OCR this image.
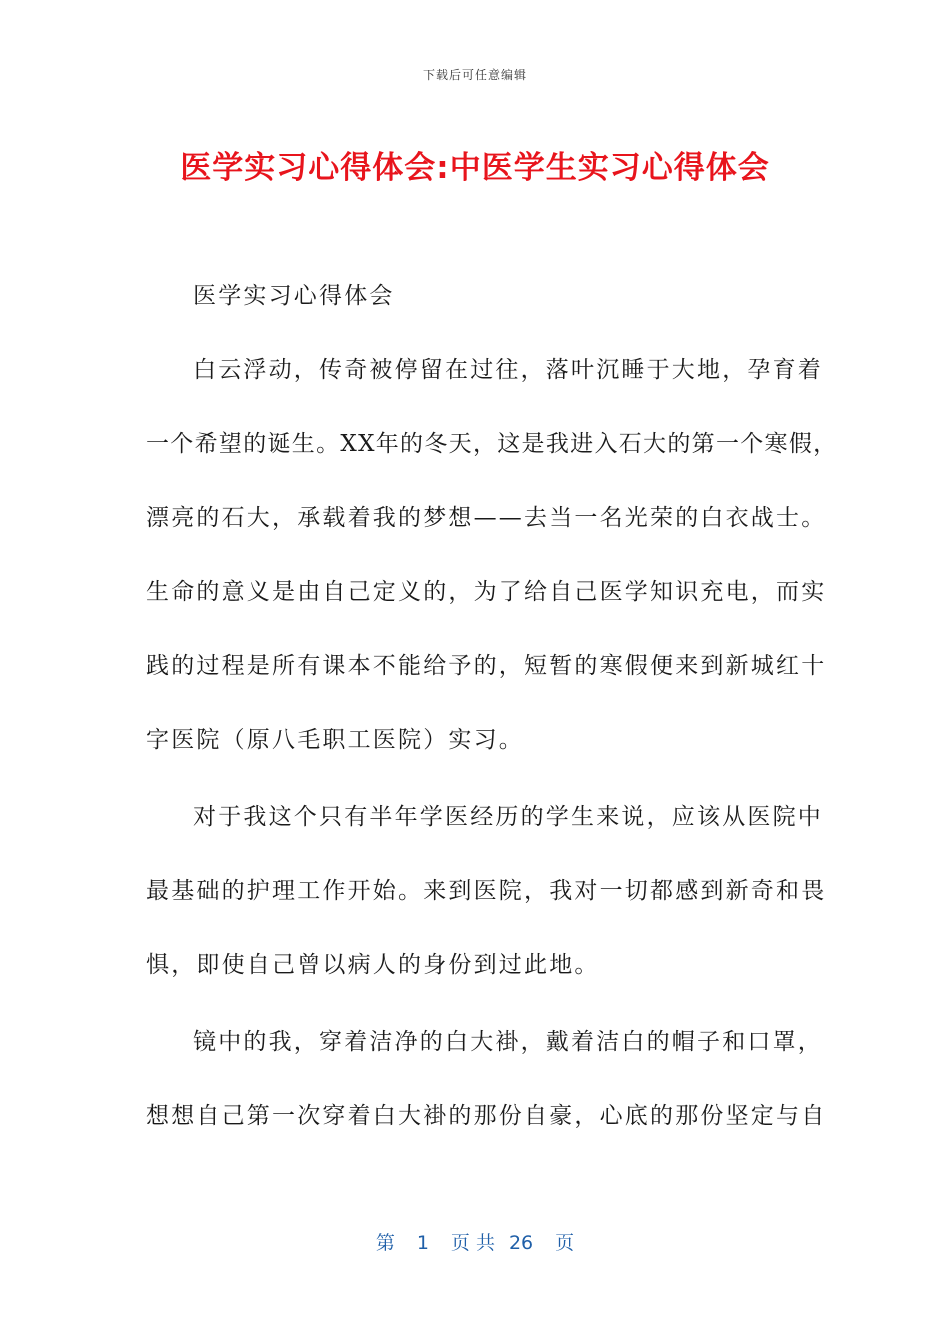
下载后可任意编辑
医学实习心得体会:中医学生实习心得体会
医学实习心得体会
白云浮动，传奇被停留在过往，落叶沉睡于大地，孕育着
一个希望的诞生。XX年的冬天，这是我进入石大的第一个寒假，
漂亮的石大，承载着我的梦想——去当一名光荣的白衣战士。
生命的意义是由自己定义的，为了给自己医学知识充电，而实
践的过程是所有课本不能给予的，短暂的寒假便来到新城红十
字医院（原八毛职工医院）实习。
对于我这个只有半年学医经历的学生来说，应该从医院中
最基础的护理工作开始。来到医院，我对一切都感到新奇和畏
惧，即使自己曾以病人的身份到过此地。
镜中的我，穿着洁净的白大褂，戴着洁白的帽子和口罩，
想想自己第一次穿着白大褂的那份自豪，心底的那份坚定与自
第 1 页 共 26 页
